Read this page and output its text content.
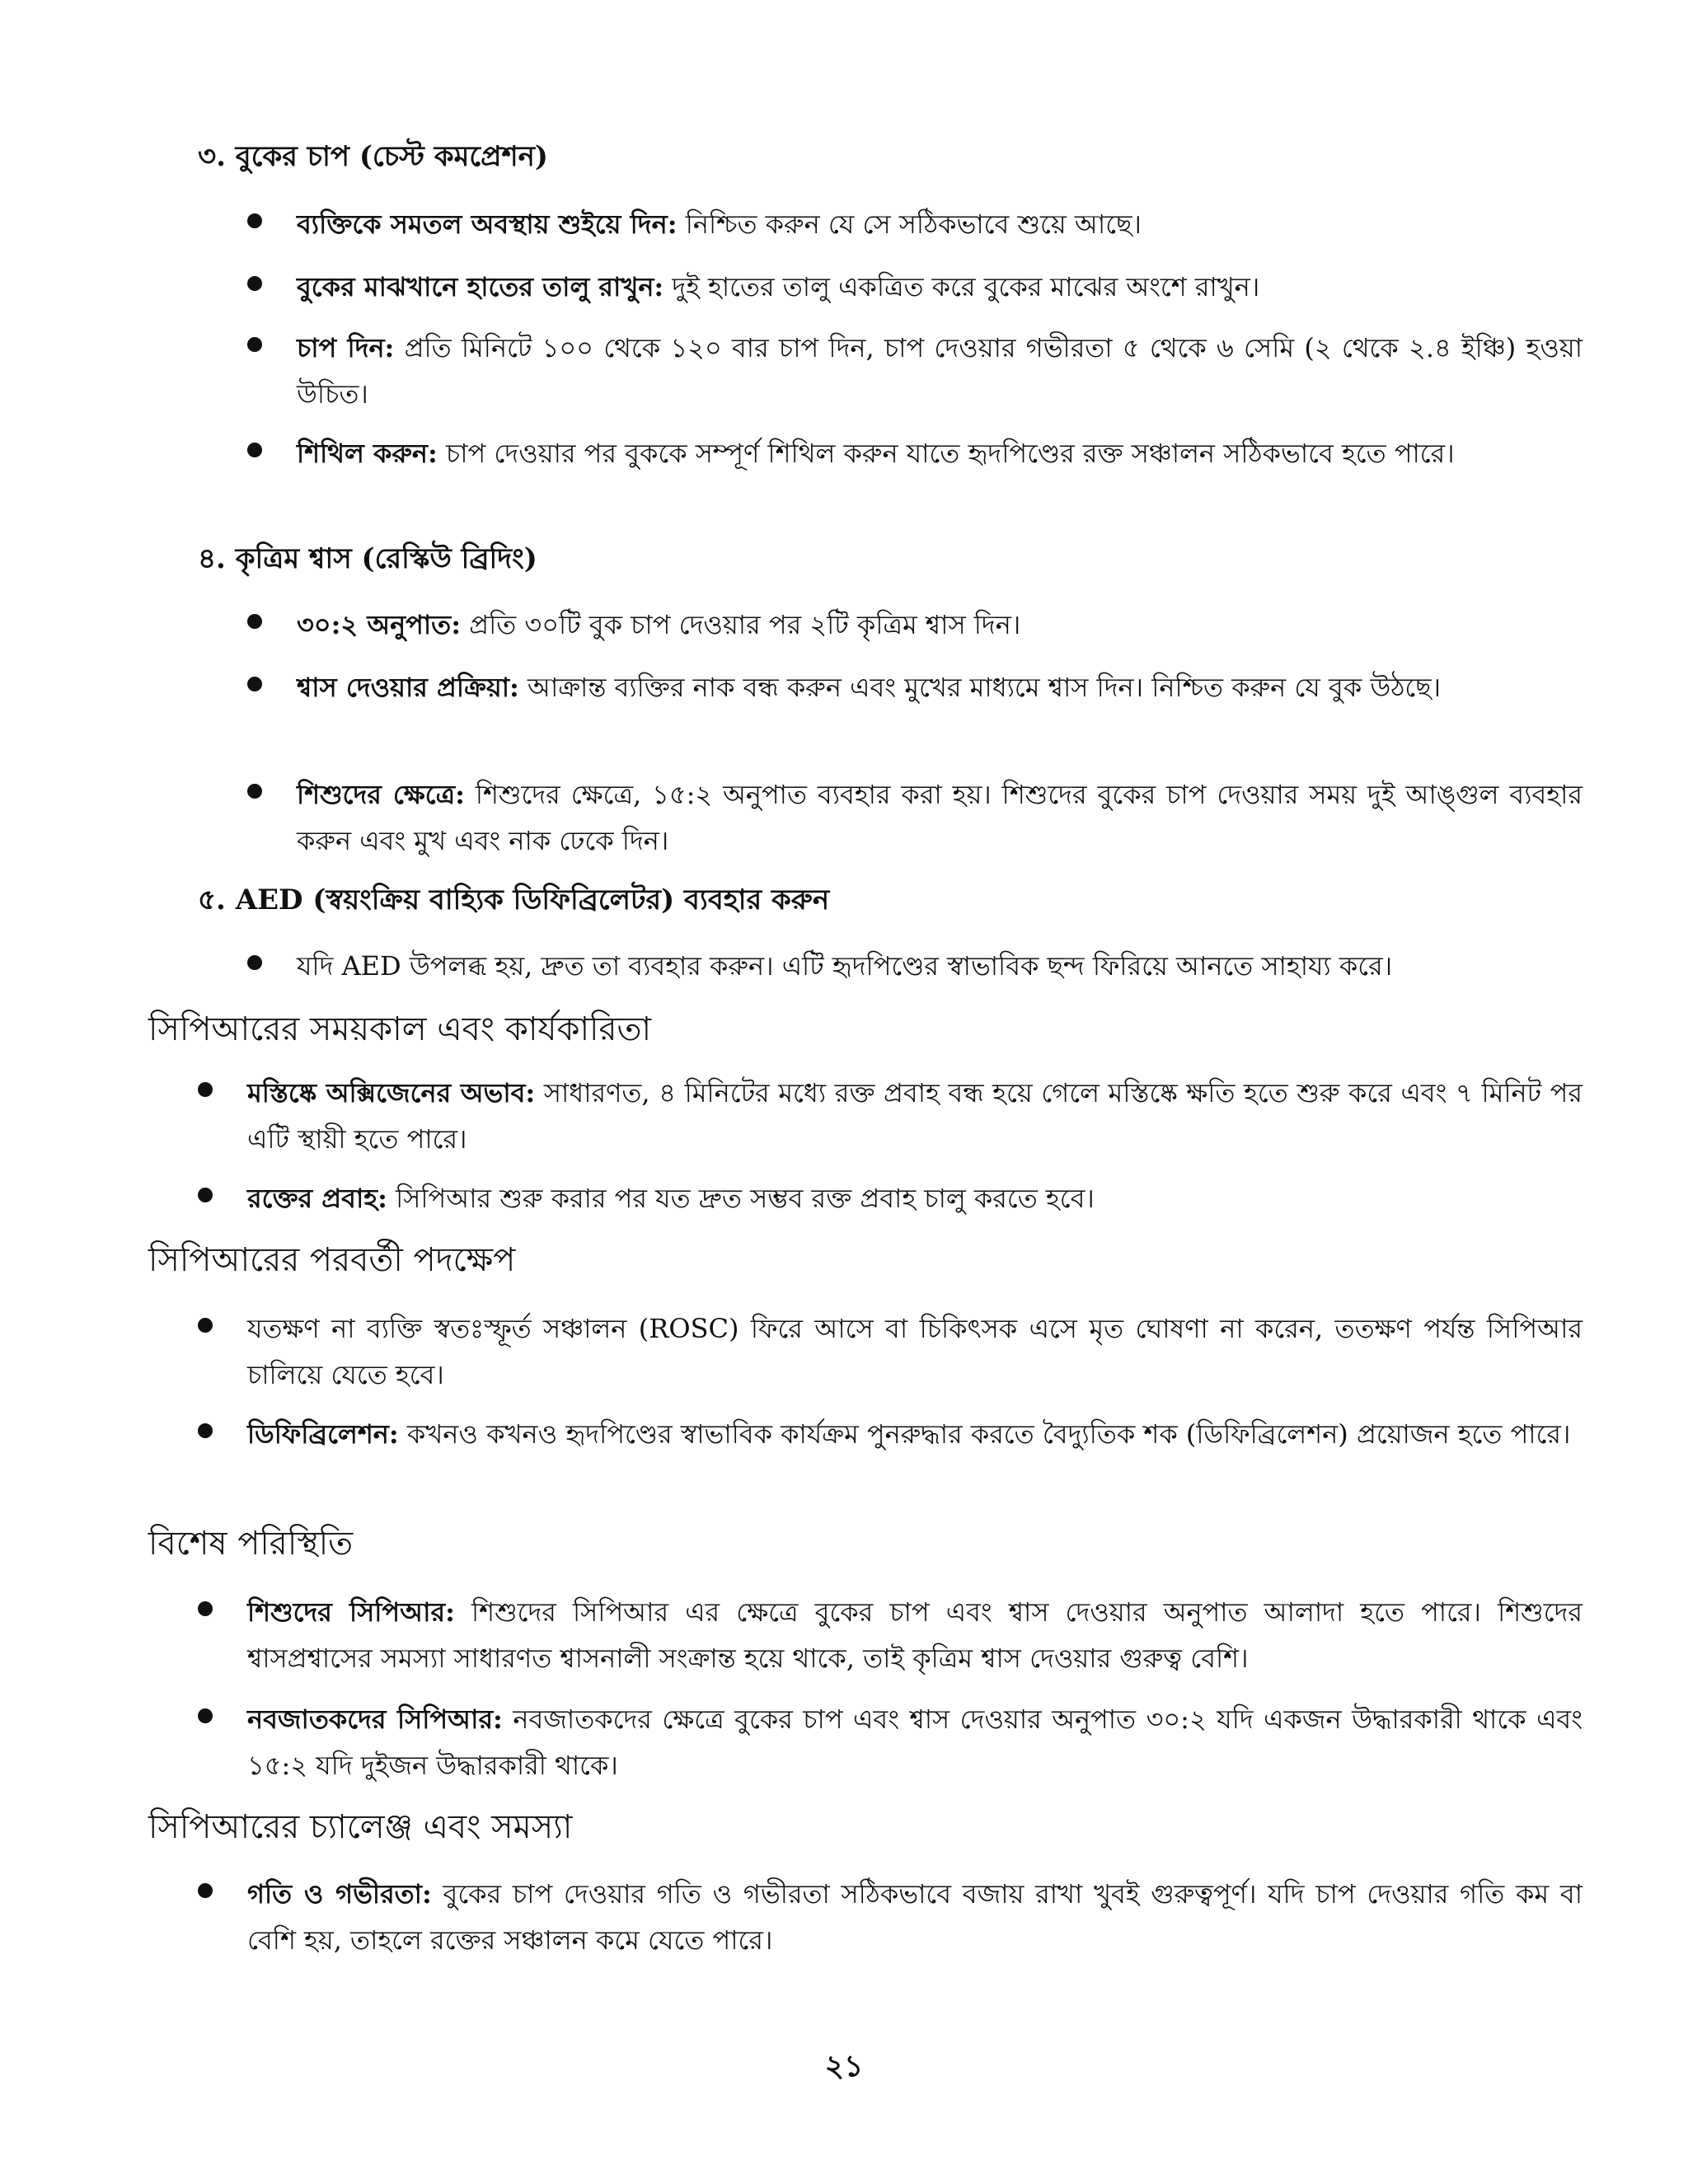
৩. বুকের চাপ (চেস্ট কমপ্রেশন)
ব্যক্তিকে সমতল অবস্থায় শুইয়ে দিন: নিশ্চিত করুন যে সে সঠিকভাবে শুয়ে আছে।
বুকের মাঝখানে হাতের তালু রাখুন: দুই হাতের তালু একত্রিত করে বুকের মাঝের অংশে রাখুন।
চাপ দিন: প্রতি মিনিটে ১০০ থেকে ১২০ বার চাপ দিন, চাপ দেওয়ার গভীরতা ৫ থেকে ৬ সেমি (২ থেকে ২.৪ ইঞ্চি) হওয়া উচিত।
শিথিল করুন: চাপ দেওয়ার পর বুককে সম্পূর্ণ শিথিল করুন যাতে হৃদপিণ্ডের রক্ত সঞ্চালন সঠিকভাবে হতে পারে।
৪. কৃত্রিম শ্বাস (রেস্কিউ ব্রিদিং)
৩০:২ অনুপাত: প্রতি ৩০টি বুক চাপ দেওয়ার পর ২টি কৃত্রিম শ্বাস দিন।
শ্বাস দেওয়ার প্রক্রিয়া: আক্রান্ত ব্যক্তির নাক বন্ধ করুন এবং মুখের মাধ্যমে শ্বাস দিন। নিশ্চিত করুন যে বুক উঠছে।
শিশুদের ক্ষেত্রে: শিশুদের ক্ষেত্রে, ১৫:২ অনুপাত ব্যবহার করা হয়। শিশুদের বুকের চাপ দেওয়ার সময় দুই আঙ্গুল ব্যবহার করুন এবং মুখ এবং নাক ঢেকে দিন।
৫. AED (স্বয়ংক্রিয় বাহ্যিক ডিফিব্রিলেটর) ব্যবহার করুন
যদি AED উপলব্ধ হয়, দ্রুত তা ব্যবহার করুন। এটি হৃদপিণ্ডের স্বাভাবিক ছন্দ ফিরিয়ে আনতে সাহায্য করে।
সিপিআরের সময়কাল এবং কার্যকারিতা
মস্তিষ্কে অক্সিজেনের অভাব: সাধারণত, ৪ মিনিটের মধ্যে রক্ত প্রবাহ বন্ধ হয়ে গেলে মস্তিষ্কে ক্ষতি হতে শুরু করে এবং ৭ মিনিট পর এটি স্থায়ী হতে পারে।
রক্তের প্রবাহ: সিপিআর শুরু করার পর যত দ্রুত সম্ভব রক্ত প্রবাহ চালু করতে হবে।
সিপিআরের পরবর্তী পদক্ষেপ
যতক্ষণ না ব্যক্তি স্বতঃস্ফূর্ত সঞ্চালন (ROSC) ফিরে আসে বা চিকিৎসক এসে মৃত ঘোষণা না করেন, ততক্ষণ পর্যন্ত সিপিআর চালিয়ে যেতে হবে।
ডিফিব্রিলেশন: কখনও কখনও হৃদপিণ্ডের স্বাভাবিক কার্যক্রম পুনরুদ্ধার করতে বৈদ্যুতিক শক (ডিফিব্রিলেশন) প্রয়োজন হতে পারে।
বিশেষ পরিস্থিতি
শিশুদের সিপিআর: শিশুদের সিপিআর এর ক্ষেত্রে বুকের চাপ এবং শ্বাস দেওয়ার অনুপাত আলাদা হতে পারে। শিশুদের শ্বাসপ্রশ্বাসের সমস্যা সাধারণত শ্বাসনালী সংক্রান্ত হয়ে থাকে, তাই কৃত্রিম শ্বাস দেওয়ার গুরুত্ব বেশি।
নবজাতকদের সিপিআর: নবজাতকদের ক্ষেত্রে বুকের চাপ এবং শ্বাস দেওয়ার অনুপাত ৩০:২ যদি একজন উদ্ধারকারী থাকে এবং ১৫:২ যদি দুইজন উদ্ধারকারী থাকে।
সিপিআরের চ্যালেঞ্জ এবং সমস্যা
গতি ও গভীরতা: বুকের চাপ দেওয়ার গতি ও গভীরতা সঠিকভাবে বজায় রাখা খুবই গুরুত্বপূর্ণ। যদি চাপ দেওয়ার গতি কম বা বেশি হয়, তাহলে রক্তের সঞ্চালন কমে যেতে পারে।
২১
